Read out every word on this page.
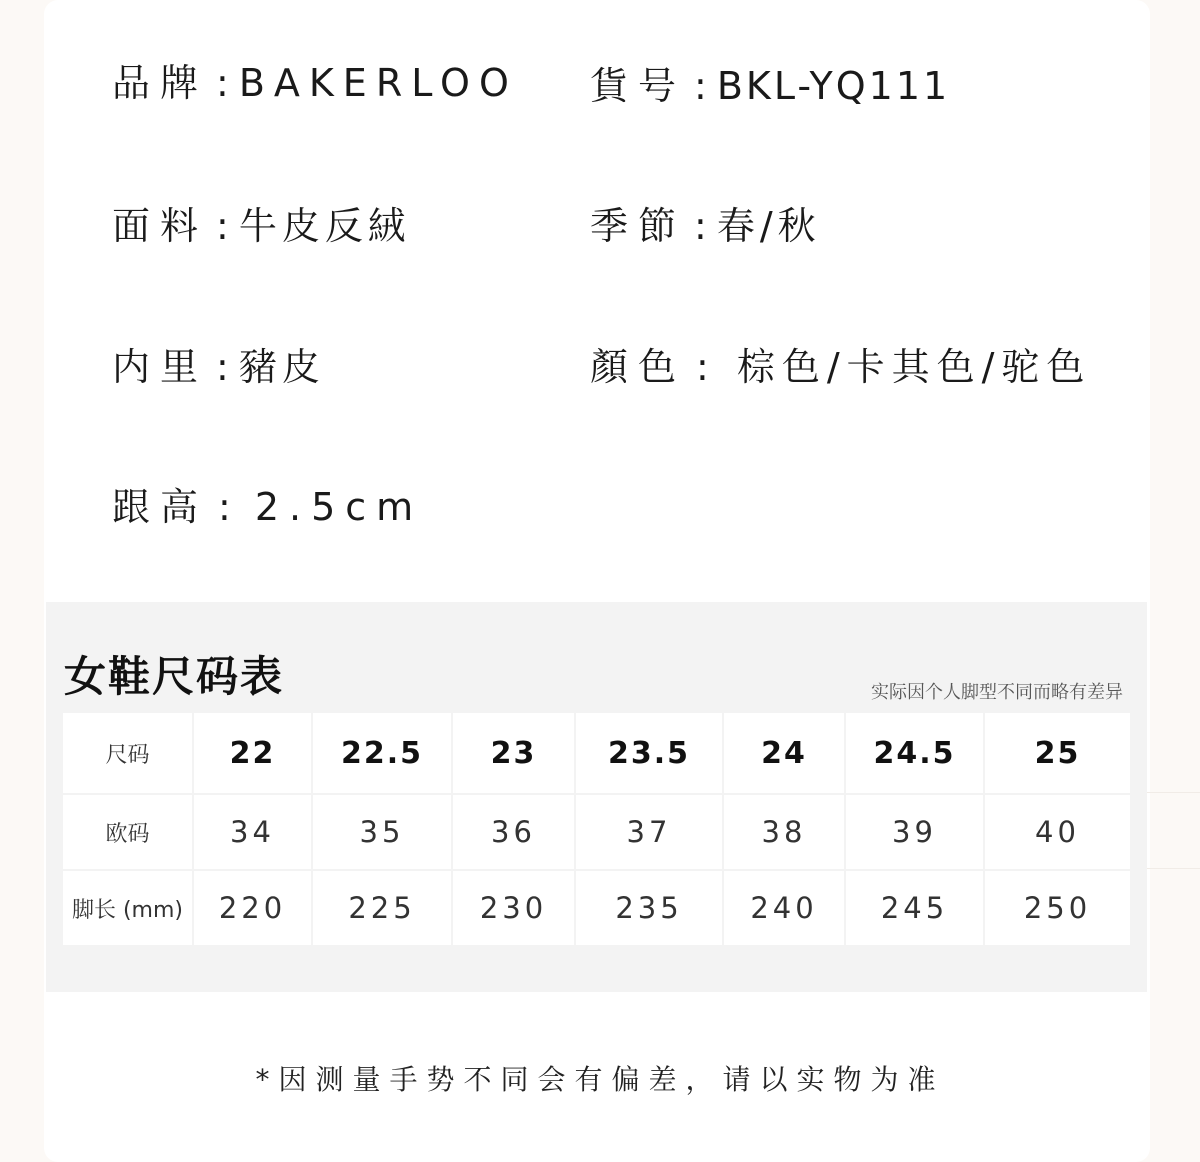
品牌 : BAKERLOO 貨号 : BKL-YQ111
面料 : 牛皮反絨	季節 : 春/秋
内里 : 豬皮	顏色 : 棕色/卡其色/驼色
跟高 : 2.5cm
女鞋尺码表	实际因个人脚型不同而略有差异
尺码	22	22.5	23	23.5	24	24.5	25
欧码	34	35	36	37	38	39	40
脚长 (mm)	220	225	230	235	240	245	250
*因测量手势不同会有偏差，请以实物为准
